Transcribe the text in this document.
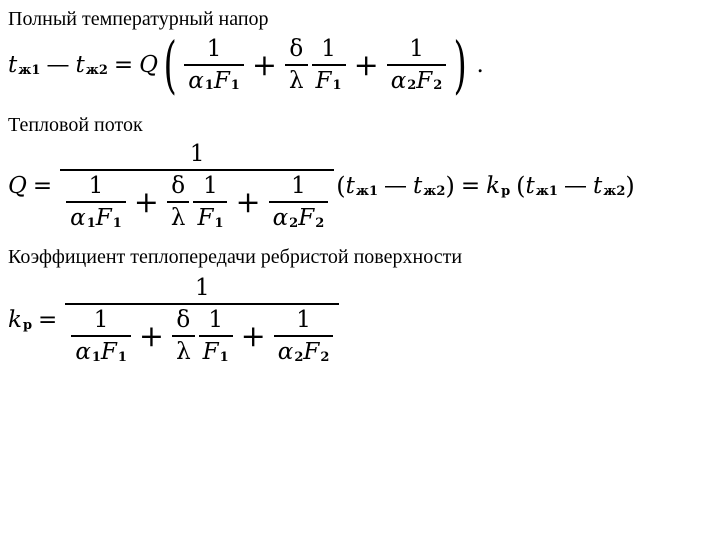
Полный температурный напор
t ж1 — t ж2 = Q ( $\frac{1}{\alpha 1 F 1} + \frac{\delta}{\lambda} \frac{1}{F 1} + \frac{1}{\alpha 2 F 2}$ ) .
Тепловой поток
Q =
1
$\frac{1}{\alpha 1 F 1} + \frac{\delta}{\lambda} \frac{1}{F 1} + \frac{1}{\alpha 2 F 2}$ ( t ж1 — t ж2 ) = k р ( t ж1 — t ж2 )
Коэффициент теплопередачи ребристой поверхности
k р =
1
$\frac{1}{\alpha 1 F 1} + \frac{\delta}{\lambda} \frac{1}{F 1} + \frac{1}{\alpha 2 F 2}$
